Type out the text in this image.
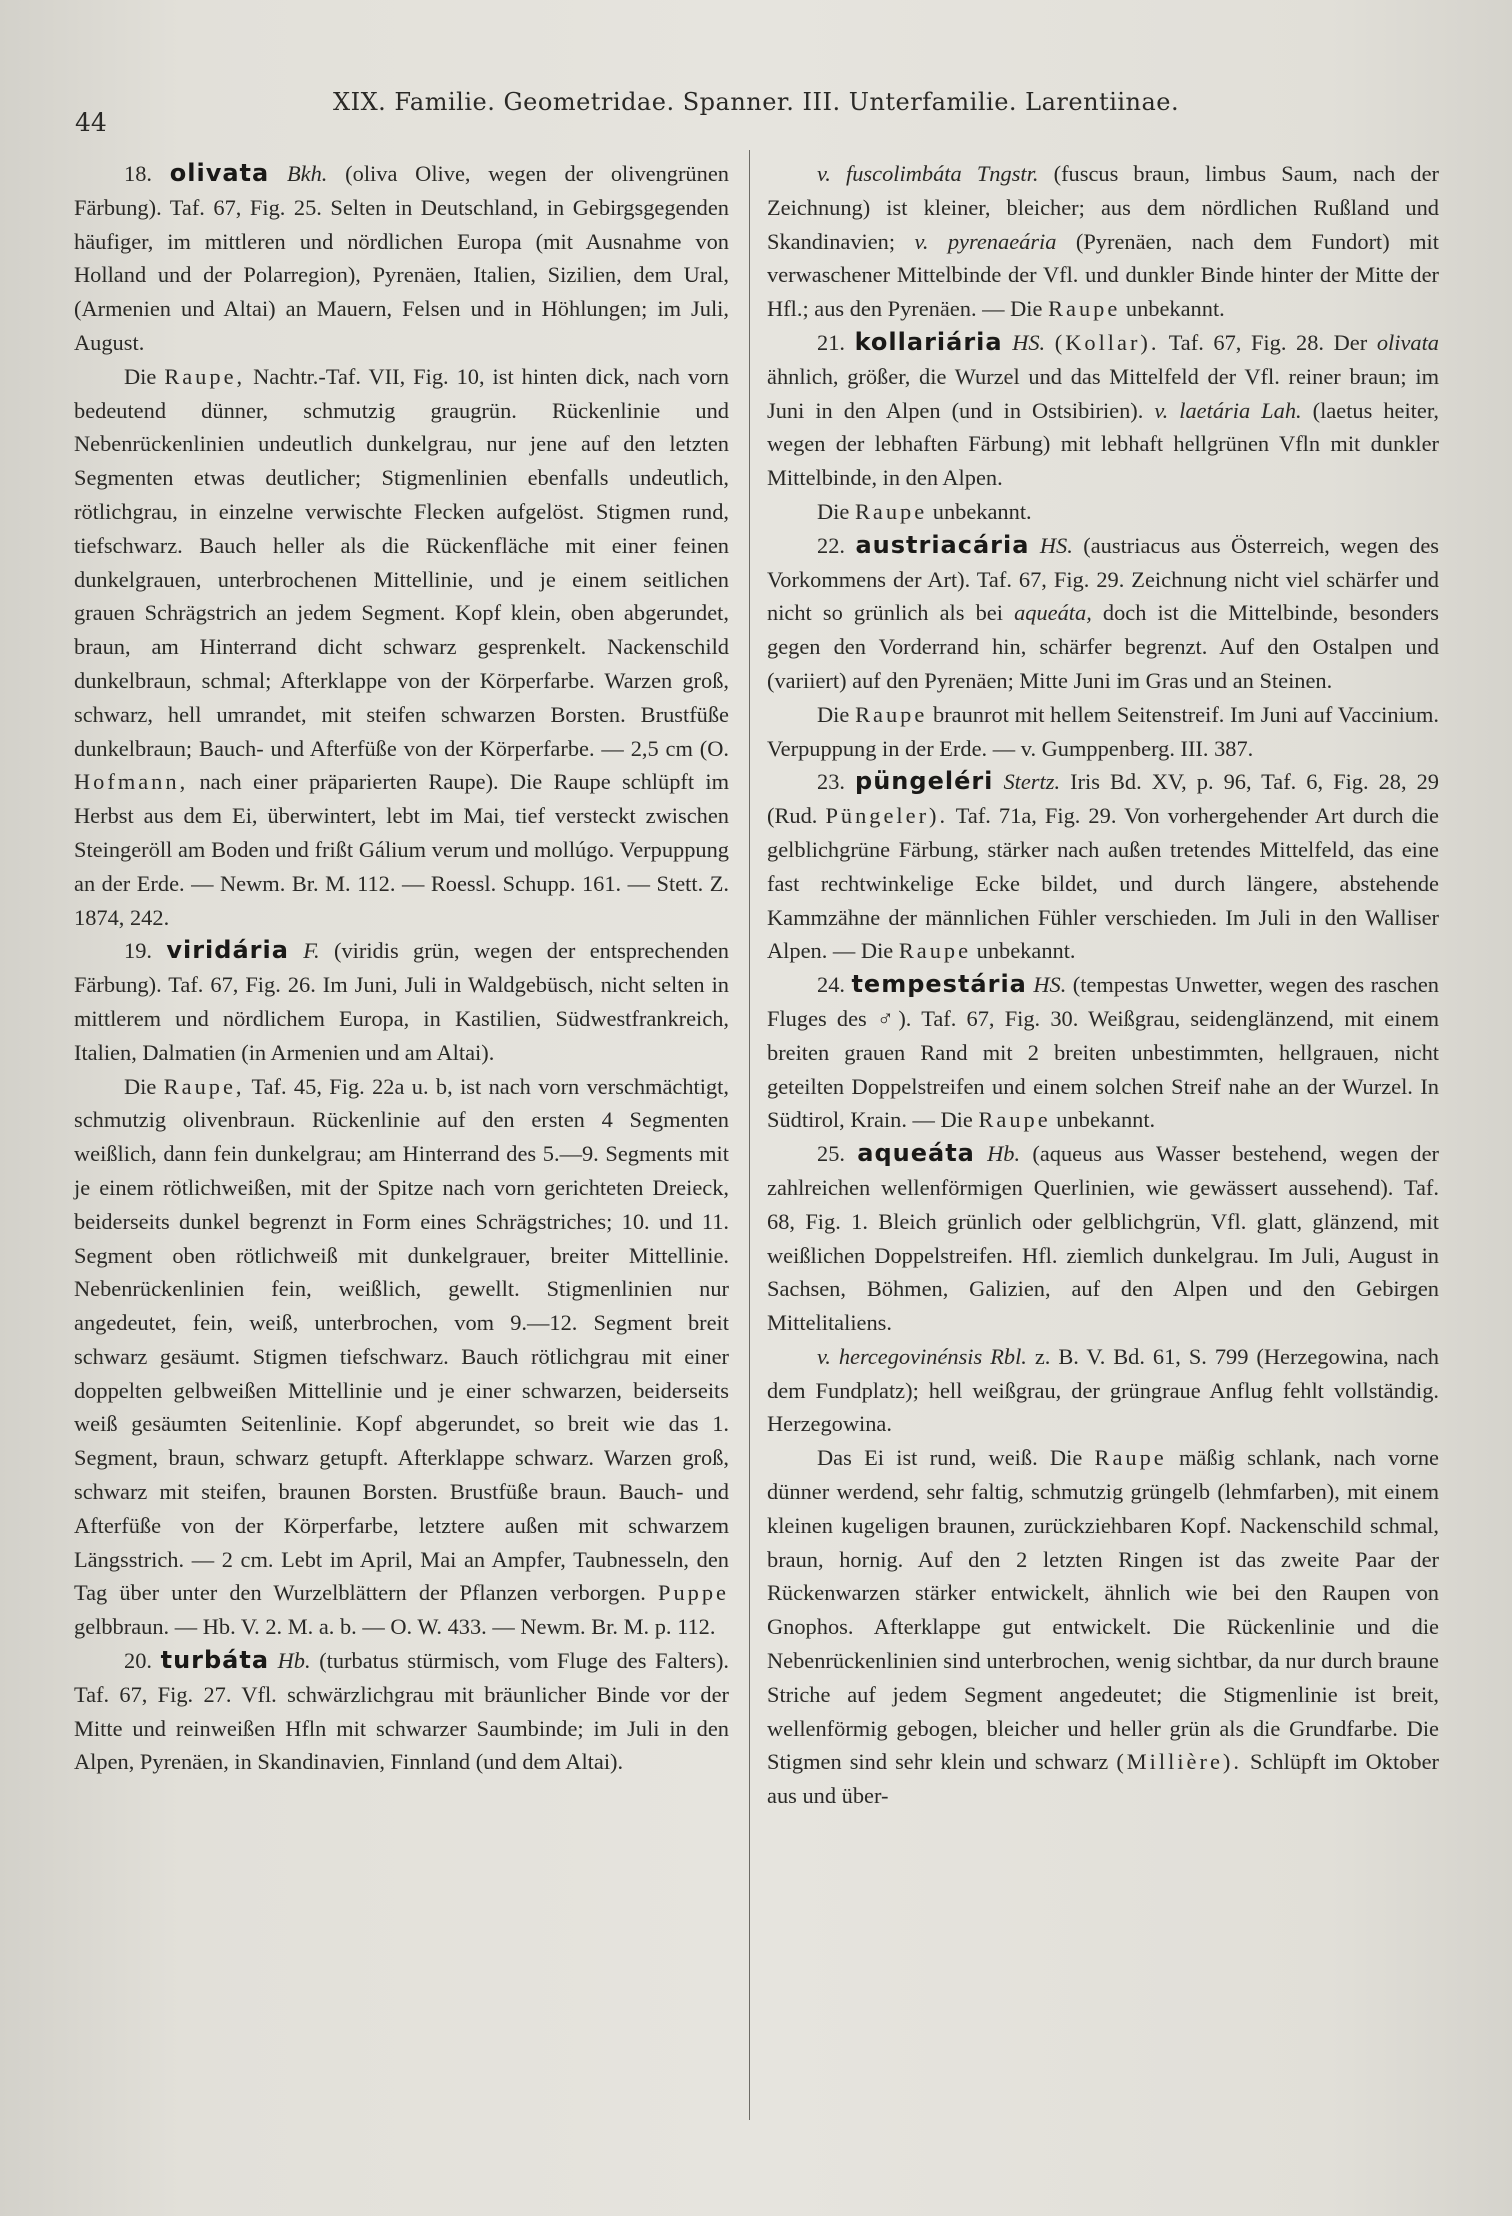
44
XIX. Familie. Geometridae. Spanner. III. Unterfamilie. Larentiinae.

18. olivata Bkh. (oliva Olive, wegen der olivengrünen Färbung). Taf. 67, Fig. 25. Selten in Deutschland, in Gebirgsgegenden häufiger, im mittleren und nördlichen Europa (mit Ausnahme von Holland und der Polarregion), Pyrenäen, Italien, Sizilien, dem Ural, (Armenien und Altai) an Mauern, Felsen und in Höhlungen; im Juli, August.

Die Raupe, Nachtr.-Taf. VII, Fig. 10, ist hinten dick, nach vorn bedeutend dünner, schmutzig graugrün. Rückenlinie und Nebenrückenlinien undeutlich dunkelgrau, nur jene auf den letzten Segmenten etwas deutlicher; Stigmenlinien ebenfalls undeutlich, rötlichgrau, in einzelne verwischte Flecken aufgelöst. Stigmen rund, tiefschwarz. Bauch heller als die Rückenfläche mit einer feinen dunkelgrauen, unterbrochenen Mittellinie, und je einem seitlichen grauen Schrägstrich an jedem Segment. Kopf klein, oben abgerundet, braun, am Hinterrand dicht schwarz gesprenkelt. Nackenschild dunkelbraun, schmal; Afterklappe von der Körperfarbe. Warzen groß, schwarz, hell umrandet, mit steifen schwarzen Borsten. Brustfüße dunkelbraun; Bauch- und Afterfüße von der Körperfarbe. — 2,5 cm (O. Hofmann, nach einer präparierten Raupe). Die Raupe schlüpft im Herbst aus dem Ei, überwintert, lebt im Mai, tief versteckt zwischen Steingeröll am Boden und frißt Gálium verum und mollúgo. Verpuppung an der Erde. — Newm. Br. M. 112. — Roessl. Schupp. 161. — Stett. Z. 1874, 242.

19. viridária F. (viridis grün, wegen der entsprechenden Färbung). Taf. 67, Fig. 26. Im Juni, Juli in Waldgebüsch, nicht selten in mittlerem und nördlichem Europa, in Kastilien, Südwestfrankreich, Italien, Dalmatien (in Armenien und am Altai).

Die Raupe, Taf. 45, Fig. 22a u. b, ist nach vorn verschmächtigt, schmutzig olivenbraun. Rückenlinie auf den ersten 4 Segmenten weißlich, dann fein dunkelgrau; am Hinterrand des 5.—9. Segments mit je einem rötlichweißen, mit der Spitze nach vorn gerichteten Dreieck, beiderseits dunkel begrenzt in Form eines Schrägstriches; 10. und 11. Segment oben rötlichweiß mit dunkelgrauer, breiter Mittellinie. Nebenrückenlinien fein, weißlich, gewellt. Stigmenlinien nur angedeutet, fein, weiß, unterbrochen, vom 9.—12. Segment breit schwarz gesäumt. Stigmen tiefschwarz. Bauch rötlichgrau mit einer doppelten gelbweißen Mittellinie und je einer schwarzen, beiderseits weiß gesäumten Seitenlinie. Kopf abgerundet, so breit wie das 1. Segment, braun, schwarz getupft. Afterklappe schwarz. Warzen groß, schwarz mit steifen, braunen Borsten. Brustfüße braun. Bauch- und Afterfüße von der Körperfarbe, letztere außen mit schwarzem Längsstrich. — 2 cm. Lebt im April, Mai an Ampfer, Taubnesseln, den Tag über unter den Wurzelblättern der Pflanzen verborgen. Puppe gelbbraun. — Hb. V. 2. M. a. b. — O. W. 433. — Newm. Br. M. p. 112.

20. turbáta Hb. (turbatus stürmisch, vom Fluge des Falters). Taf. 67, Fig. 27. Vfl. schwärzlichgrau mit bräunlicher Binde vor der Mitte und reinweißen Hfln mit schwarzer Saumbinde; im Juli in den Alpen, Pyrenäen, in Skandinavien, Finnland (und dem Altai).

v. fuscolimbáta Tngstr. (fuscus braun, limbus Saum, nach der Zeichnung) ist kleiner, bleicher; aus dem nördlichen Rußland und Skandinavien; v. pyrenaeária (Pyrenäen, nach dem Fundort) mit verwaschener Mittelbinde der Vfl. und dunkler Binde hinter der Mitte der Hfl.; aus den Pyrenäen. — Die Raupe unbekannt.

21. kollariária HS. (Kollar). Taf. 67, Fig. 28. Der olivata ähnlich, größer, die Wurzel und das Mittelfeld der Vfl. reiner braun; im Juni in den Alpen (und in Ostsibirien). v. laetária Lah. (laetus heiter, wegen der lebhaften Färbung) mit lebhaft hellgrünen Vfln mit dunkler Mittelbinde, in den Alpen.

Die Raupe unbekannt.

22. austriacária HS. (austriacus aus Österreich, wegen des Vorkommens der Art). Taf. 67, Fig. 29. Zeichnung nicht viel schärfer und nicht so grünlich als bei aqueáta, doch ist die Mittelbinde, besonders gegen den Vorderrand hin, schärfer begrenzt. Auf den Ostalpen und (variiert) auf den Pyrenäen; Mitte Juni im Gras und an Steinen.

Die Raupe braunrot mit hellem Seitenstreif. Im Juni auf Vaccinium. Verpuppung in der Erde. — v. Gumppenberg. III. 387.

23. püngeléri Stertz. Iris Bd. XV, p. 96, Taf. 6, Fig. 28, 29 (Rud. Püngeler). Taf. 71a, Fig. 29. Von vorhergehender Art durch die gelblichgrüne Färbung, stärker nach außen tretendes Mittelfeld, das eine fast rechtwinkelige Ecke bildet, und durch längere, abstehende Kammzähne der männlichen Fühler verschieden. Im Juli in den Walliser Alpen. — Die Raupe unbekannt.

24. tempestária HS. (tempestas Unwetter, wegen des raschen Fluges des ♂). Taf. 67, Fig. 30. Weißgrau, seidenglänzend, mit einem breiten grauen Rand mit 2 breiten unbestimmten, hellgrauen, nicht geteilten Doppelstreifen und einem solchen Streif nahe an der Wurzel. In Südtirol, Krain. — Die Raupe unbekannt.

25. aqueáta Hb. (aqueus aus Wasser bestehend, wegen der zahlreichen wellenförmigen Querlinien, wie gewässert aussehend). Taf. 68, Fig. 1. Bleich grünlich oder gelblichgrün, Vfl. glatt, glänzend, mit weißlichen Doppelstreifen. Hfl. ziemlich dunkelgrau. Im Juli, August in Sachsen, Böhmen, Galizien, auf den Alpen und den Gebirgen Mittelitaliens.

v. hercegovinénsis Rbl. z. B. V. Bd. 61, S. 799 (Herzegowina, nach dem Fundplatz); hell weißgrau, der grüngraue Anflug fehlt vollständig. Herzegowina.

Das Ei ist rund, weiß. Die Raupe mäßig schlank, nach vorne dünner werdend, sehr faltig, schmutzig grüngelb (lehmfarben), mit einem kleinen kugeligen braunen, zurückziehbaren Kopf. Nackenschild schmal, braun, hornig. Auf den 2 letzten Ringen ist das zweite Paar der Rückenwarzen stärker entwickelt, ähnlich wie bei den Raupen von Gnophos. Afterklappe gut entwickelt. Die Rückenlinie und die Nebenrückenlinien sind unterbrochen, wenig sichtbar, da nur durch braune Striche auf jedem Segment angedeutet; die Stigmenlinie ist breit, wellenförmig gebogen, bleicher und heller grün als die Grundfarbe. Die Stigmen sind sehr klein und schwarz (Millière). Schlüpft im Oktober aus und über-
